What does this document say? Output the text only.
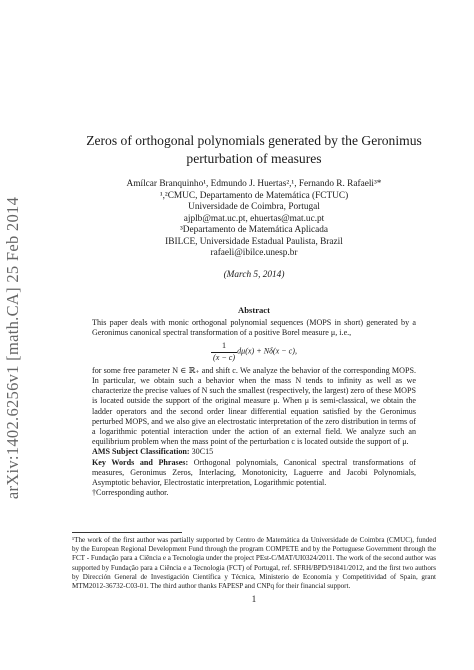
arXiv:1402.6256v1 [math.CA] 25 Feb 2014
Zeros of orthogonal polynomials generated by the Geronimus
perturbation of measures
Amílcar Branquinho¹, Edmundo J. Huertas²,¹, Fernando R. Rafaeli³*
¹,²CMUC, Departamento de Matemática (FCTUC)
Universidade de Coimbra, Portugal
ajplb@mat.uc.pt, ehuertas@mat.uc.pt
³Departamento de Matemática Aplicada
IBILCE, Universidade Estadual Paulista, Brazil
rafaeli@ibilce.unesp.br
(March 5, 2014)
Abstract

This paper deals with monic orthogonal polynomial sequences (MOPS in short) generated by a Geronimus canonical spectral transformation of a positive Borel measure μ, i.e.,

$\frac{1}{(x - c)} d\mu(x) + N\delta(x - c)$,

for some free parameter N ∈ ℝ₊ and shift c. We analyze the behavior of the corresponding MOPS. In particular, we obtain such a behavior when the mass N tends to infinity as well as we characterize the precise values of N such the smallest (respectively, the largest) zero of these MOPS is located outside the support of the original measure μ. When μ is semi-classical, we obtain the ladder operators and the second order linear differential equation satisfied by the Geronimus perturbed MOPS, and we also give an electrostatic interpretation of the zero distribution in terms of a logarithmic potential interaction under the action of an external field. We analyze such an equilibrium problem when the mass point of the perturbation c is located outside the support of μ.

AMS Subject Classification: 30C15

Key Words and Phrases: Orthogonal polynomials, Canonical spectral transformations of measures, Geronimus Zeros, Interlacing, Monotonicity, Laguerre and Jacobi Polynomials, Asymptotic behavior, Electrostatic interpretation, Logarithmic potential.

†Corresponding author.

¹The work of the first author was partially supported by Centro de Matemática da Universidade de Coimbra (CMUC), funded by the European Regional Development Fund through the program COMPETE and by the Portuguese Government through the FCT - Fundação para a Ciência e a Tecnologia under the project PEst-C/MAT/UI0324/2011. The work of the second author was supported by Fundação para a Ciência e a Tecnologia (FCT) of Portugal, ref. SFRH/BPD/91841/2012, and the first two authors by Dirección General de Investigación Científica y Técnica, Ministerio de Economía y Competitividad of Spain, grant MTM2012-36732-C03-01. The third author thanks FAPESP and CNPq for their financial support.
1
